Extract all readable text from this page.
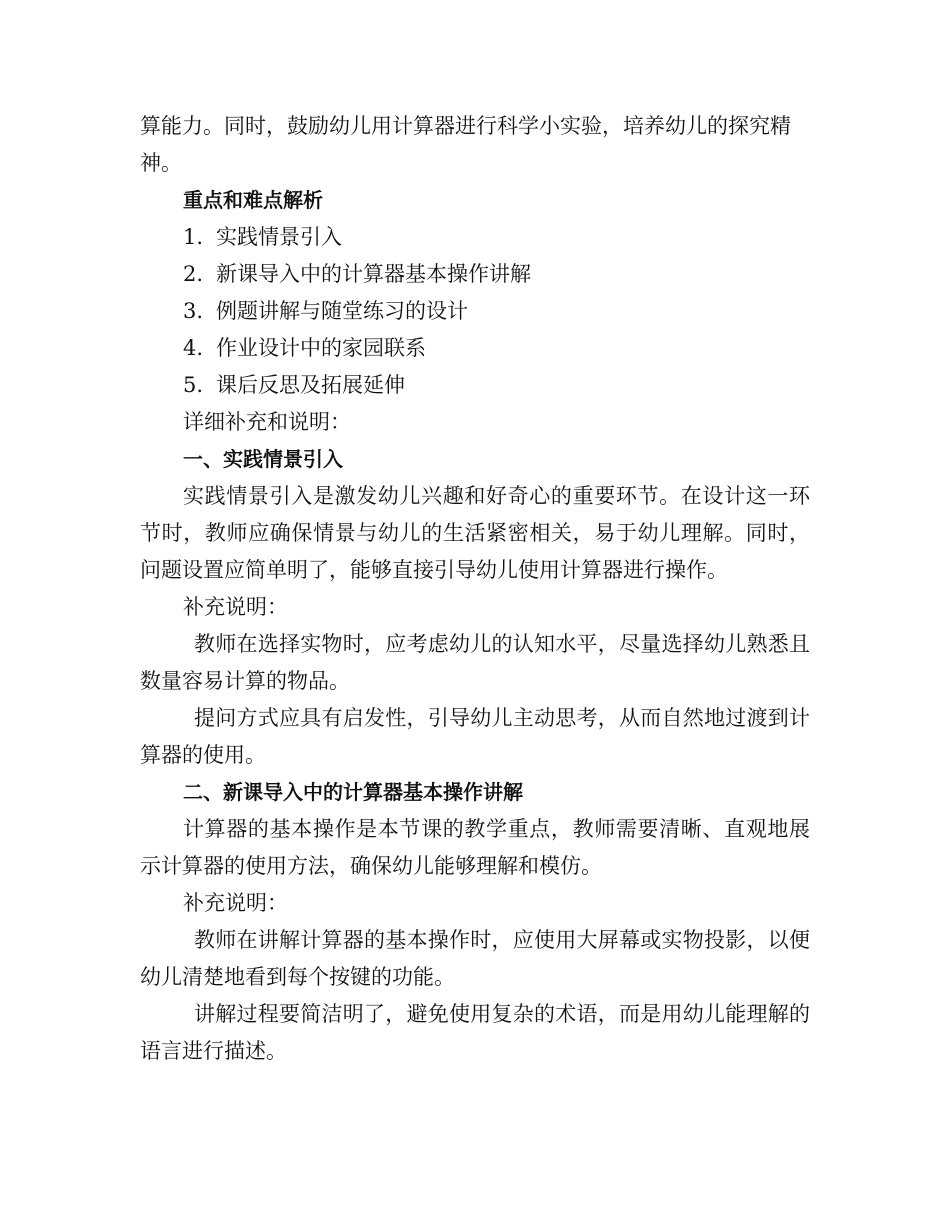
算能力。同时，鼓励幼儿用计算器进行科学小实验，培养幼儿的探究精神。

重点和难点解析

1. 实践情景引入
2. 新课导入中的计算器基本操作讲解
3. 例题讲解与随堂练习的设计
4. 作业设计中的家园联系
5. 课后反思及拓展延伸

详细补充和说明：

一、实践情景引入

实践情景引入是激发幼儿兴趣和好奇心的重要环节。在设计这一环节时，教师应确保情景与幼儿的生活紧密相关，易于幼儿理解。同时，问题设置应简单明了，能够直接引导幼儿使用计算器进行操作。

补充说明：

教师在选择实物时，应考虑幼儿的认知水平，尽量选择幼儿熟悉且数量容易计算的物品。

提问方式应具有启发性，引导幼儿主动思考，从而自然地过渡到计算器的使用。

二、新课导入中的计算器基本操作讲解

计算器的基本操作是本节课的教学重点，教师需要清晰、直观地展示计算器的使用方法，确保幼儿能够理解和模仿。

补充说明：

教师在讲解计算器的基本操作时，应使用大屏幕或实物投影，以便幼儿清楚地看到每个按键的功能。

讲解过程要简洁明了，避免使用复杂的术语，而是用幼儿能理解的语言进行描述。
